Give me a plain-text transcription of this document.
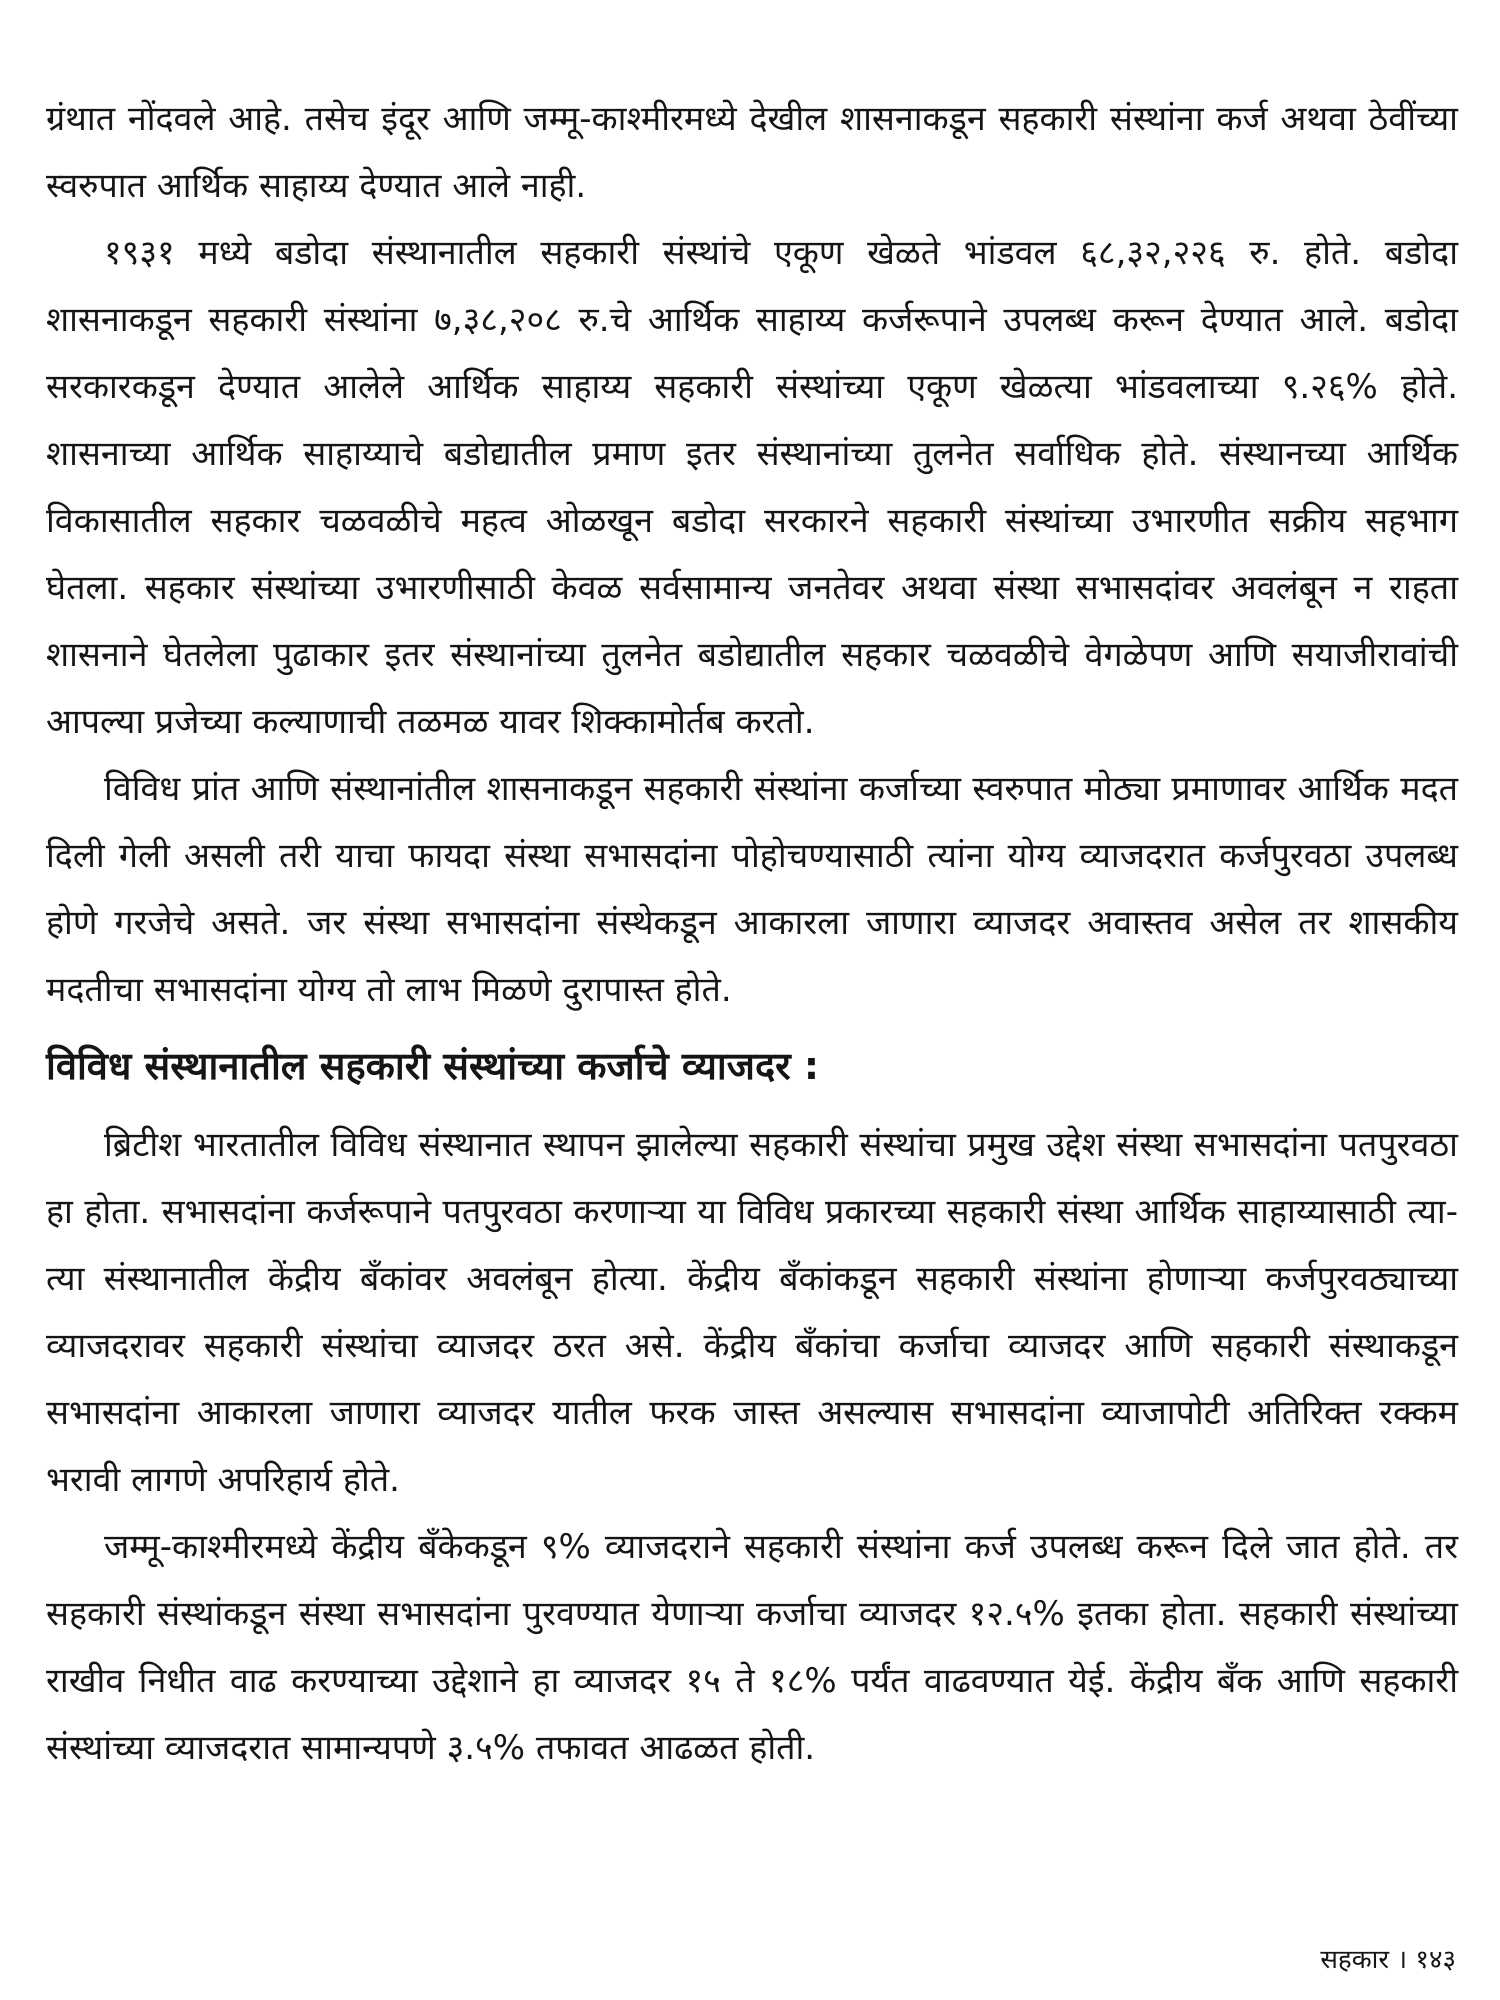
ग्रंथात नोंदवले आहे. तसेच इंदूर आणि जम्मू-काश्मीरमध्ये देखील शासनाकडून सहकारी संस्थांना कर्ज अथवा ठेवींच्या स्वरुपात आर्थिक साहाय्य देण्यात आले नाही.

१९३१ मध्ये बडोदा संस्थानातील सहकारी संस्थांचे एकूण खेळते भांडवल ६८,३२,२२६ रु. होते. बडोदा शासनाकडून सहकारी संस्थांना ७,३८,२०८ रु.चे आर्थिक साहाय्य कर्जरूपाने उपलब्ध करून देण्यात आले. बडोदा सरकारकडून देण्यात आलेले आर्थिक साहाय्य सहकारी संस्थांच्या एकूण खेळत्या भांडवलाच्या ९.२६% होते. शासनाच्या आर्थिक साहाय्याचे बडोद्यातील प्रमाण इतर संस्थानांच्या तुलनेत सर्वाधिक होते. संस्थानच्या आर्थिक विकासातील सहकार चळवळीचे महत्व ओळखून बडोदा सरकारने सहकारी संस्थांच्या उभारणीत सक्रीय सहभाग घेतला. सहकार संस्थांच्या उभारणीसाठी केवळ सर्वसामान्य जनतेवर अथवा संस्था सभासदांवर अवलंबून न राहता शासनाने घेतलेला पुढाकार इतर संस्थानांच्या तुलनेत बडोद्यातील सहकार चळवळीचे वेगळेपण आणि सयाजीरावांची आपल्या प्रजेच्या कल्याणाची तळमळ यावर शिक्कामोर्तब करतो.

विविध प्रांत आणि संस्थानांतील शासनाकडून सहकारी संस्थांना कर्जाच्या स्वरुपात मोठ्या प्रमाणावर आर्थिक मदत दिली गेली असली तरी याचा फायदा संस्था सभासदांना पोहोचण्यासाठी त्यांना योग्य व्याजदरात कर्जपुरवठा उपलब्ध होणे गरजेचे असते. जर संस्था सभासदांना संस्थेकडून आकारला जाणारा व्याजदर अवास्तव असेल तर शासकीय मदतीचा सभासदांना योग्य तो लाभ मिळणे दुरापास्त होते.

विविध संस्थानातील सहकारी संस्थांच्या कर्जाचे व्याजदर :

ब्रिटीश भारतातील विविध संस्थानात स्थापन झालेल्या सहकारी संस्थांचा प्रमुख उद्देश संस्था सभासदांना पतपुरवठा हा होता. सभासदांना कर्जरूपाने पतपुरवठा करणाऱ्या या विविध प्रकारच्या सहकारी संस्था आर्थिक साहाय्यासाठी त्या-त्या संस्थानातील केंद्रीय बँकांवर अवलंबून होत्या. केंद्रीय बँकांकडून सहकारी संस्थांना होणाऱ्या कर्जपुरवठ्याच्या व्याजदरावर सहकारी संस्थांचा व्याजदर ठरत असे. केंद्रीय बँकांचा कर्जाचा व्याजदर आणि सहकारी संस्थाकडून सभासदांना आकारला जाणारा व्याजदर यातील फरक जास्त असल्यास सभासदांना व्याजापोटी अतिरिक्त रक्कम भरावी लागणे अपरिहार्य होते.

जम्मू-काश्मीरमध्ये केंद्रीय बँकेकडून ९% व्याजदराने सहकारी संस्थांना कर्ज उपलब्ध करून दिले जात होते. तर सहकारी संस्थांकडून संस्था सभासदांना पुरवण्यात येणाऱ्या कर्जाचा व्याजदर १२.५% इतका होता. सहकारी संस्थांच्या राखीव निधीत वाढ करण्याच्या उद्देशाने हा व्याजदर १५ ते १८% पर्यंत वाढवण्यात येई. केंद्रीय बँक आणि सहकारी संस्थांच्या व्याजदरात सामान्यपणे ३.५% तफावत आढळत होती.

सहकार । १४३
